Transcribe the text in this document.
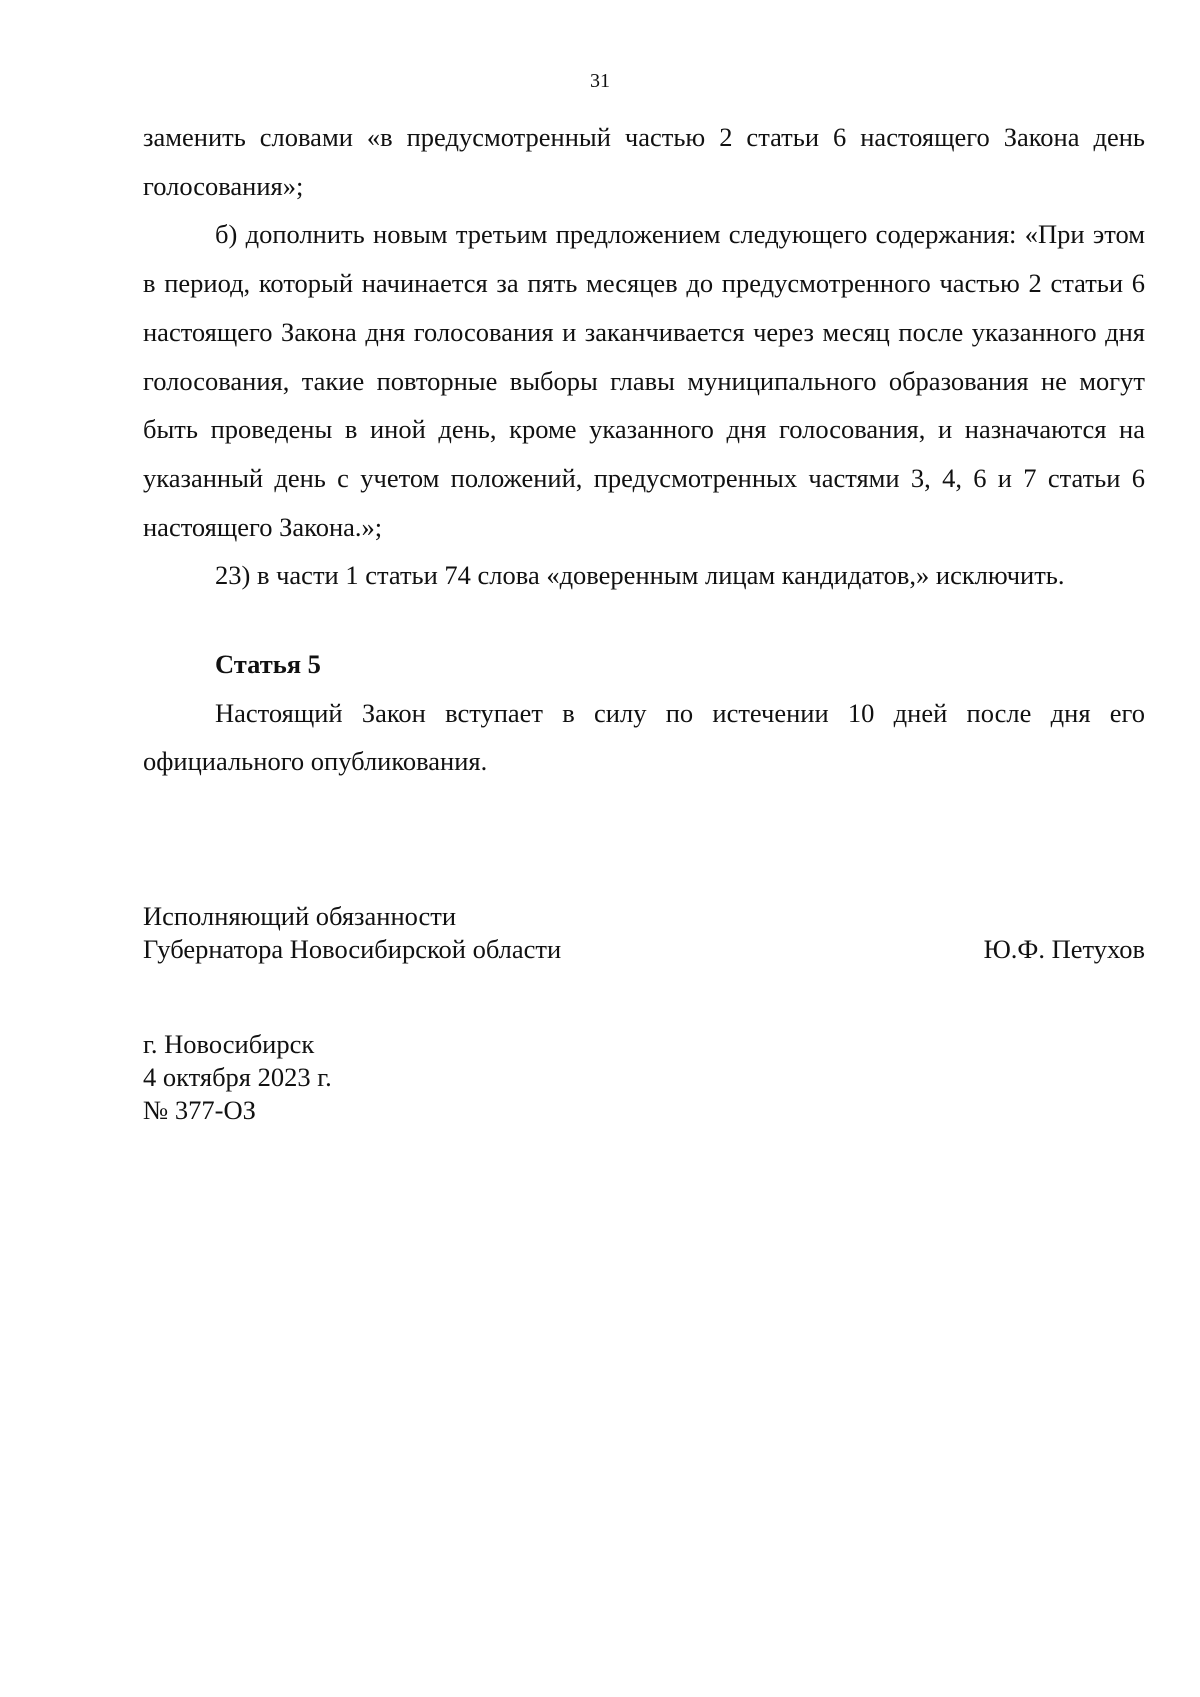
31

заменить словами «в предусмотренный частью 2 статьи 6 настоящего Закона день голосования»;

б) дополнить новым третьим предложением следующего содержания: «При этом в период, который начинается за пять месяцев до предусмотренного частью 2 статьи 6 настоящего Закона дня голосования и заканчивается через месяц после указанного дня голосования, такие повторные выборы главы муниципального образования не могут быть проведены в иной день, кроме указанного дня голосования, и назначаются на указанный день с учетом положений, предусмотренных частями 3, 4, 6 и 7 статьи 6 настоящего Закона.»;

23) в части 1 статьи 74 слова «доверенным лицам кандидатов,» исключить.

Статья 5

Настоящий Закон вступает в силу по истечении 10 дней после дня его официального опубликования.

Исполняющий обязанности
Губернатора Новосибирской области	Ю.Ф. Петухов
г. Новосибирск
4 октября 2023 г.
№ 377-ОЗ
